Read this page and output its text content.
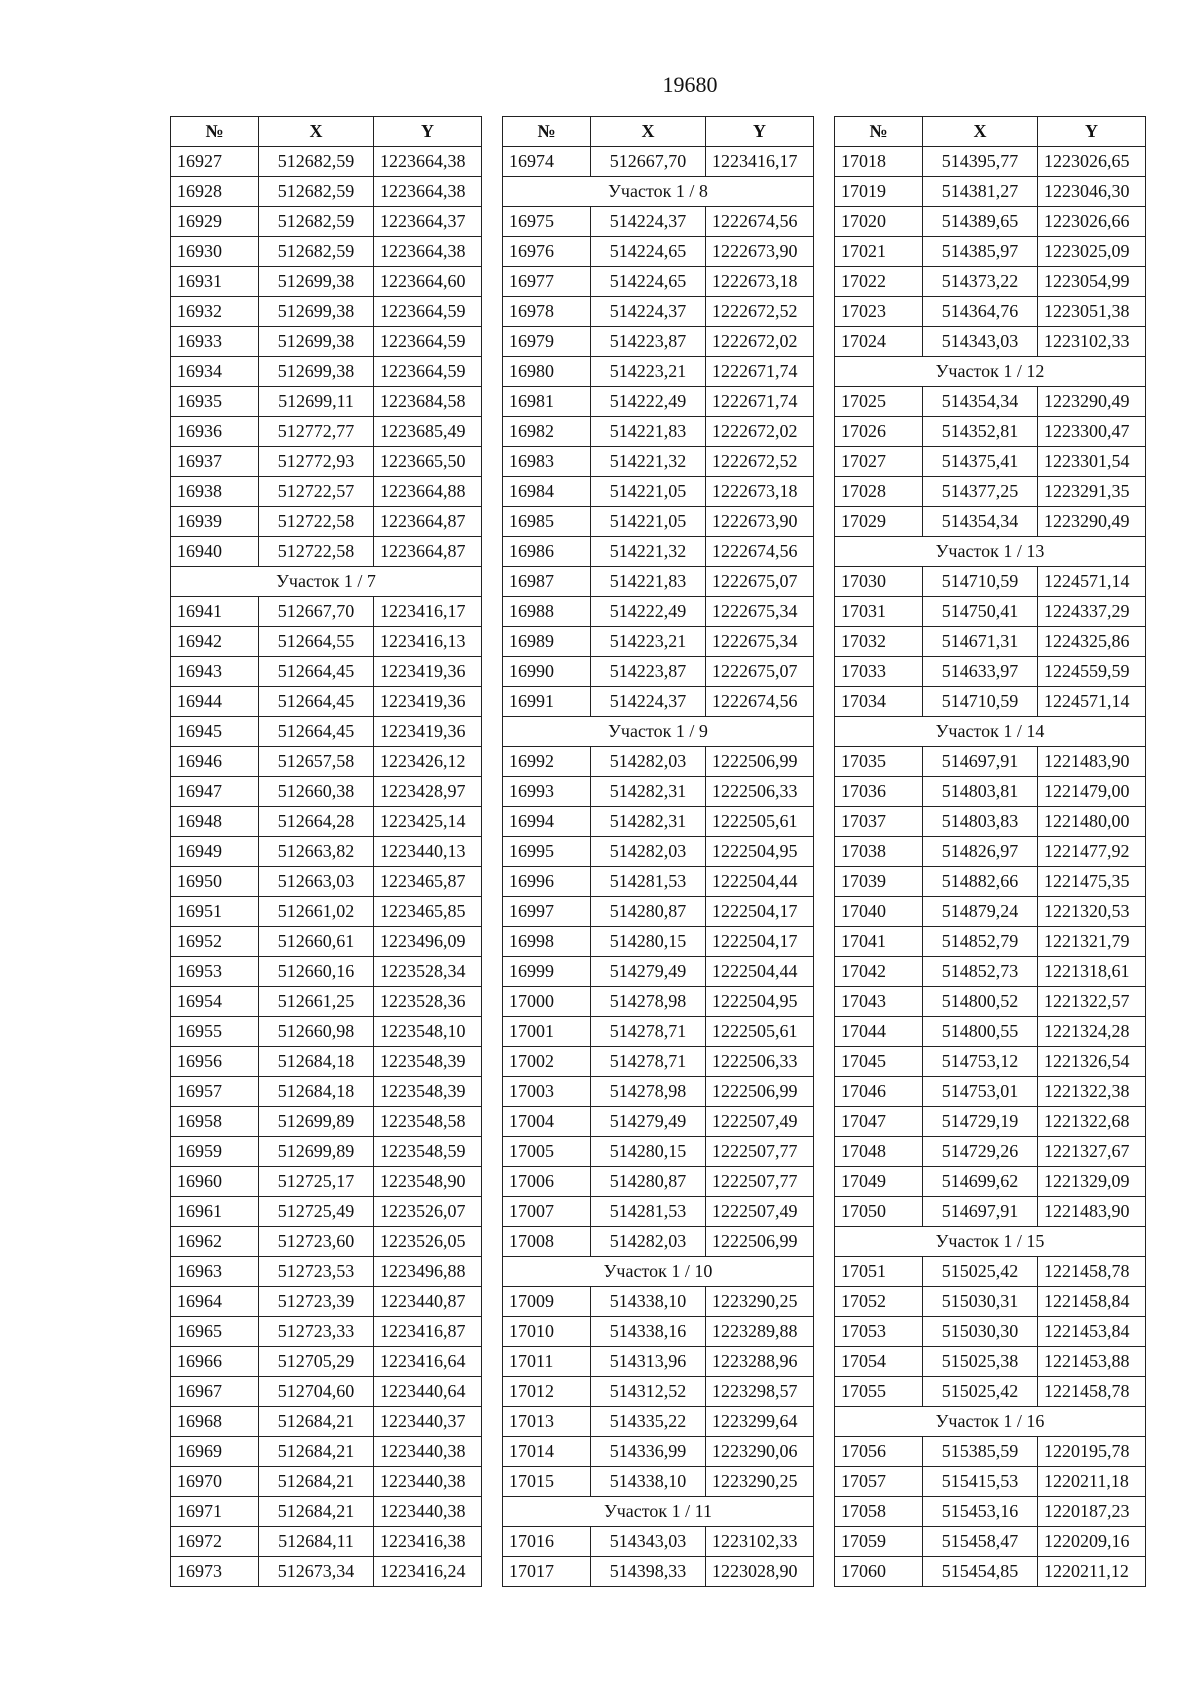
19680
№	X	Y
16927	512682,59	1223664,38
16928	512682,59	1223664,38
16929	512682,59	1223664,37
16930	512682,59	1223664,38
16931	512699,38	1223664,60
16932	512699,38	1223664,59
16933	512699,38	1223664,59
16934	512699,38	1223664,59
16935	512699,11	1223684,58
16936	512772,77	1223685,49
16937	512772,93	1223665,50
16938	512722,57	1223664,88
16939	512722,58	1223664,87
16940	512722,58	1223664,87
Участок 1 / 7		
16941	512667,70	1223416,17
16942	512664,55	1223416,13
16943	512664,45	1223419,36
16944	512664,45	1223419,36
16945	512664,45	1223419,36
16946	512657,58	1223426,12
16947	512660,38	1223428,97
16948	512664,28	1223425,14
16949	512663,82	1223440,13
16950	512663,03	1223465,87
16951	512661,02	1223465,85
16952	512660,61	1223496,09
16953	512660,16	1223528,34
16954	512661,25	1223528,36
16955	512660,98	1223548,10
16956	512684,18	1223548,39
16957	512684,18	1223548,39
16958	512699,89	1223548,58
16959	512699,89	1223548,59
16960	512725,17	1223548,90
16961	512725,49	1223526,07
16962	512723,60	1223526,05
16963	512723,53	1223496,88
16964	512723,39	1223440,87
16965	512723,33	1223416,87
16966	512705,29	1223416,64
16967	512704,60	1223440,64
16968	512684,21	1223440,37
16969	512684,21	1223440,38
16970	512684,21	1223440,38
16971	512684,21	1223440,38
16972	512684,11	1223416,38
16973	512673,34	1223416,24
№	X	Y
16974	512667,70	1223416,17
Участок 1 / 8		
16975	514224,37	1222674,56
16976	514224,65	1222673,90
16977	514224,65	1222673,18
16978	514224,37	1222672,52
16979	514223,87	1222672,02
16980	514223,21	1222671,74
16981	514222,49	1222671,74
16982	514221,83	1222672,02
16983	514221,32	1222672,52
16984	514221,05	1222673,18
16985	514221,05	1222673,90
16986	514221,32	1222674,56
16987	514221,83	1222675,07
16988	514222,49	1222675,34
16989	514223,21	1222675,34
16990	514223,87	1222675,07
16991	514224,37	1222674,56
Участок 1 / 9		
16992	514282,03	1222506,99
16993	514282,31	1222506,33
16994	514282,31	1222505,61
16995	514282,03	1222504,95
16996	514281,53	1222504,44
16997	514280,87	1222504,17
16998	514280,15	1222504,17
16999	514279,49	1222504,44
17000	514278,98	1222504,95
17001	514278,71	1222505,61
17002	514278,71	1222506,33
17003	514278,98	1222506,99
17004	514279,49	1222507,49
17005	514280,15	1222507,77
17006	514280,87	1222507,77
17007	514281,53	1222507,49
17008	514282,03	1222506,99
Участок 1 / 10		
17009	514338,10	1223290,25
17010	514338,16	1223289,88
17011	514313,96	1223288,96
17012	514312,52	1223298,57
17013	514335,22	1223299,64
17014	514336,99	1223290,06
17015	514338,10	1223290,25
Участок 1 / 11		
17016	514343,03	1223102,33
17017	514398,33	1223028,90
№	X	Y
17018	514395,77	1223026,65
17019	514381,27	1223046,30
17020	514389,65	1223026,66
17021	514385,97	1223025,09
17022	514373,22	1223054,99
17023	514364,76	1223051,38
17024	514343,03	1223102,33
Участок 1 / 12		
17025	514354,34	1223290,49
17026	514352,81	1223300,47
17027	514375,41	1223301,54
17028	514377,25	1223291,35
17029	514354,34	1223290,49
Участок 1 / 13		
17030	514710,59	1224571,14
17031	514750,41	1224337,29
17032	514671,31	1224325,86
17033	514633,97	1224559,59
17034	514710,59	1224571,14
Участок 1 / 14		
17035	514697,91	1221483,90
17036	514803,81	1221479,00
17037	514803,83	1221480,00
17038	514826,97	1221477,92
17039	514882,66	1221475,35
17040	514879,24	1221320,53
17041	514852,79	1221321,79
17042	514852,73	1221318,61
17043	514800,52	1221322,57
17044	514800,55	1221324,28
17045	514753,12	1221326,54
17046	514753,01	1221322,38
17047	514729,19	1221322,68
17048	514729,26	1221327,67
17049	514699,62	1221329,09
17050	514697,91	1221483,90
Участок 1 / 15		
17051	515025,42	1221458,78
17052	515030,31	1221458,84
17053	515030,30	1221453,84
17054	515025,38	1221453,88
17055	515025,42	1221458,78
Участок 1 / 16		
17056	515385,59	1220195,78
17057	515415,53	1220211,18
17058	515453,16	1220187,23
17059	515458,47	1220209,16
17060	515454,85	1220211,12
